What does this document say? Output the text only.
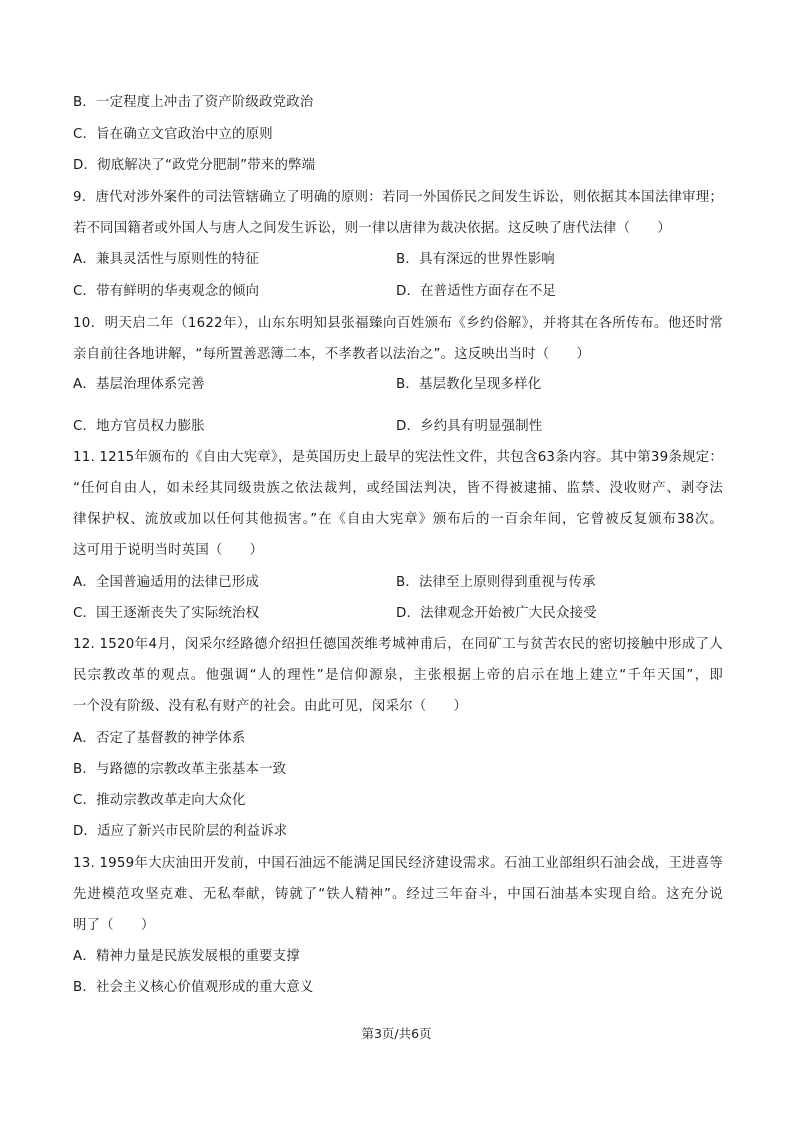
B．一定程度上冲击了资产阶级政党政治
C．旨在确立文官政治中立的原则
D．彻底解决了“政党分肥制”带来的弊端
9．唐代对涉外案件的司法管辖确立了明确的原则：若同一外国侨民之间发生诉讼，则依据其本国法律审理；
若不同国籍者或外国人与唐人之间发生诉讼，则一律以唐律为裁决依据。这反映了唐代法律（　　）
A．兼具灵活性与原则性的特征	B．具有深远的世界性影响
C．带有鲜明的华夷观念的倾向	D．在普适性方面存在不足
10．明天启二年（1622年），山东东明知县张福臻向百姓颁布《乡约俗解》，并将其在各所传布。他还时常
亲自前往各地讲解，“每所置善恶簿二本，不孝教者以法治之”。这反映出当时（　　）
A．基层治理体系完善	B．基层教化呈现多样化
C．地方官员权力膨胀	D．乡约具有明显强制性
11. 1215年颁布的《自由大宪章》，是英国历史上最早的宪法性文件，共包含63条内容。其中第39条规定：
“任何自由人，如未经其同级贵族之依法裁判，或经国法判决，皆不得被逮捕、监禁、没收财产、剥夺法
律保护权、流放或加以任何其他损害。”在《自由大宪章》颁布后的一百余年间，它曾被反复颁布38次。
这可用于说明当时英国（　　）
A．全国普遍适用的法律已形成	B．法律至上原则得到重视与传承
C．国王逐渐丧失了实际统治权	D．法律观念开始被广大民众接受
12. 1520年4月，闵采尔经路德介绍担任德国茨维考城神甫后，在同矿工与贫苦农民的密切接触中形成了人
民宗教改革的观点。他强调“人的理性”是信仰源泉，主张根据上帝的启示在地上建立“千年天国”，即
一个没有阶级、没有私有财产的社会。由此可见，闵采尔（　　）
A．否定了基督教的神学体系
B．与路德的宗教改革主张基本一致
C．推动宗教改革走向大众化
D．适应了新兴市民阶层的利益诉求
13. 1959年大庆油田开发前，中国石油远不能满足国民经济建设需求。石油工业部组织石油会战，王进喜等
先进模范攻坚克难、无私奉献，铸就了“铁人精神”。经过三年奋斗，中国石油基本实现自给。这充分说
明了（　　）
A．精神力量是民族发展根的重要支撑
B．社会主义核心价值观形成的重大意义
第3页/共6页
